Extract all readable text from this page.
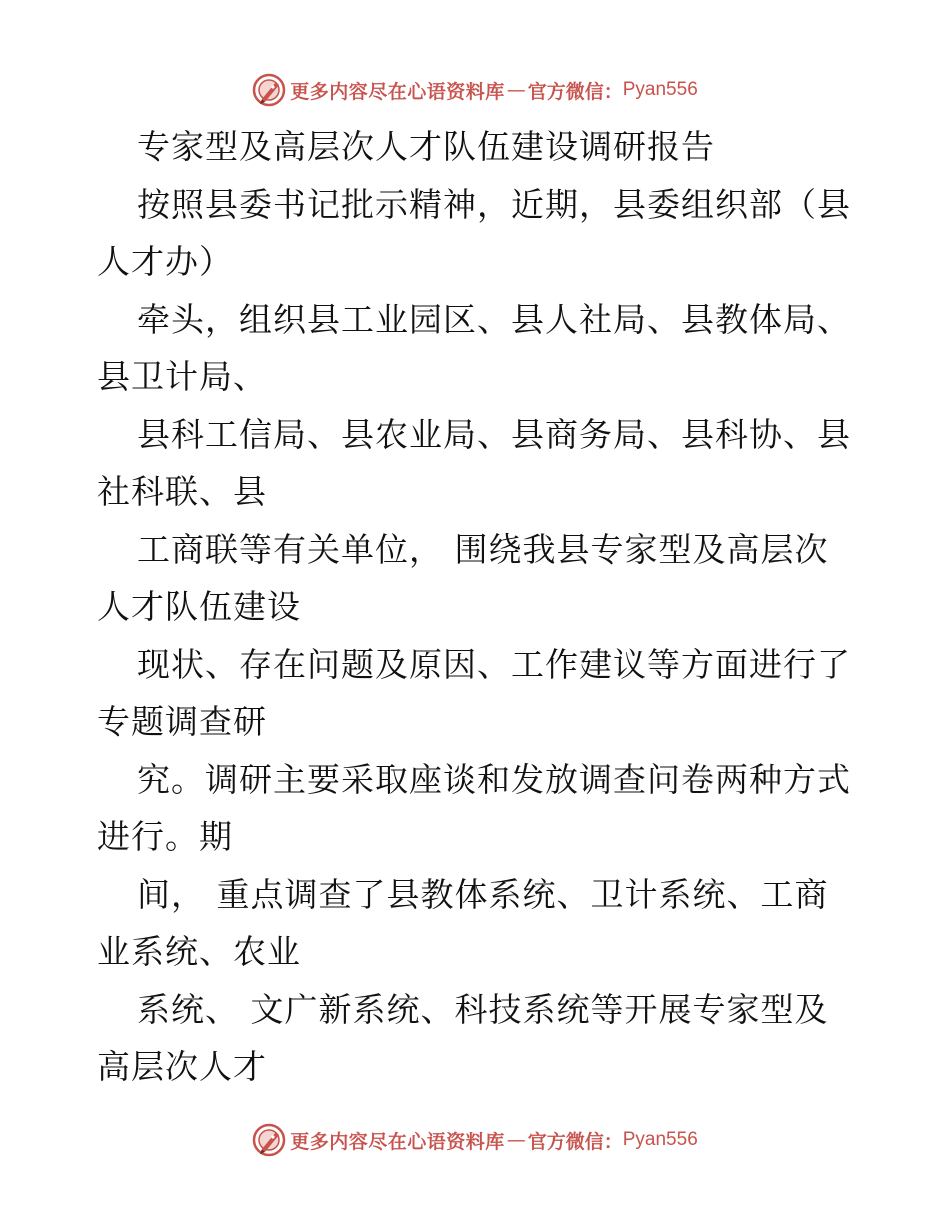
更多内容尽在心语资料库 — 官方微信： Pyan556

专家型及高层次人才队伍建设调研报告

按照县委书记批示精神，近期，县委组织部（县
人才办）

牵头，组织县工业园区、县人社局、县教体局、
县卫计局、

县科工信局、县农业局、县商务局、县科协、县
社科联、县

工商联等有关单位， 围绕我县专家型及高层次
人才队伍建设

现状、存在问题及原因、工作建议等方面进行了
专题调查研

究。调研主要采取座谈和发放调查问卷两种方式
进行。期

间， 重点调查了县教体系统、卫计系统、工商
业系统、农业

系统、 文广新系统、科技系统等开展专家型及
高层次人才

更多内容尽在心语资料库 — 官方微信： Pyan556
